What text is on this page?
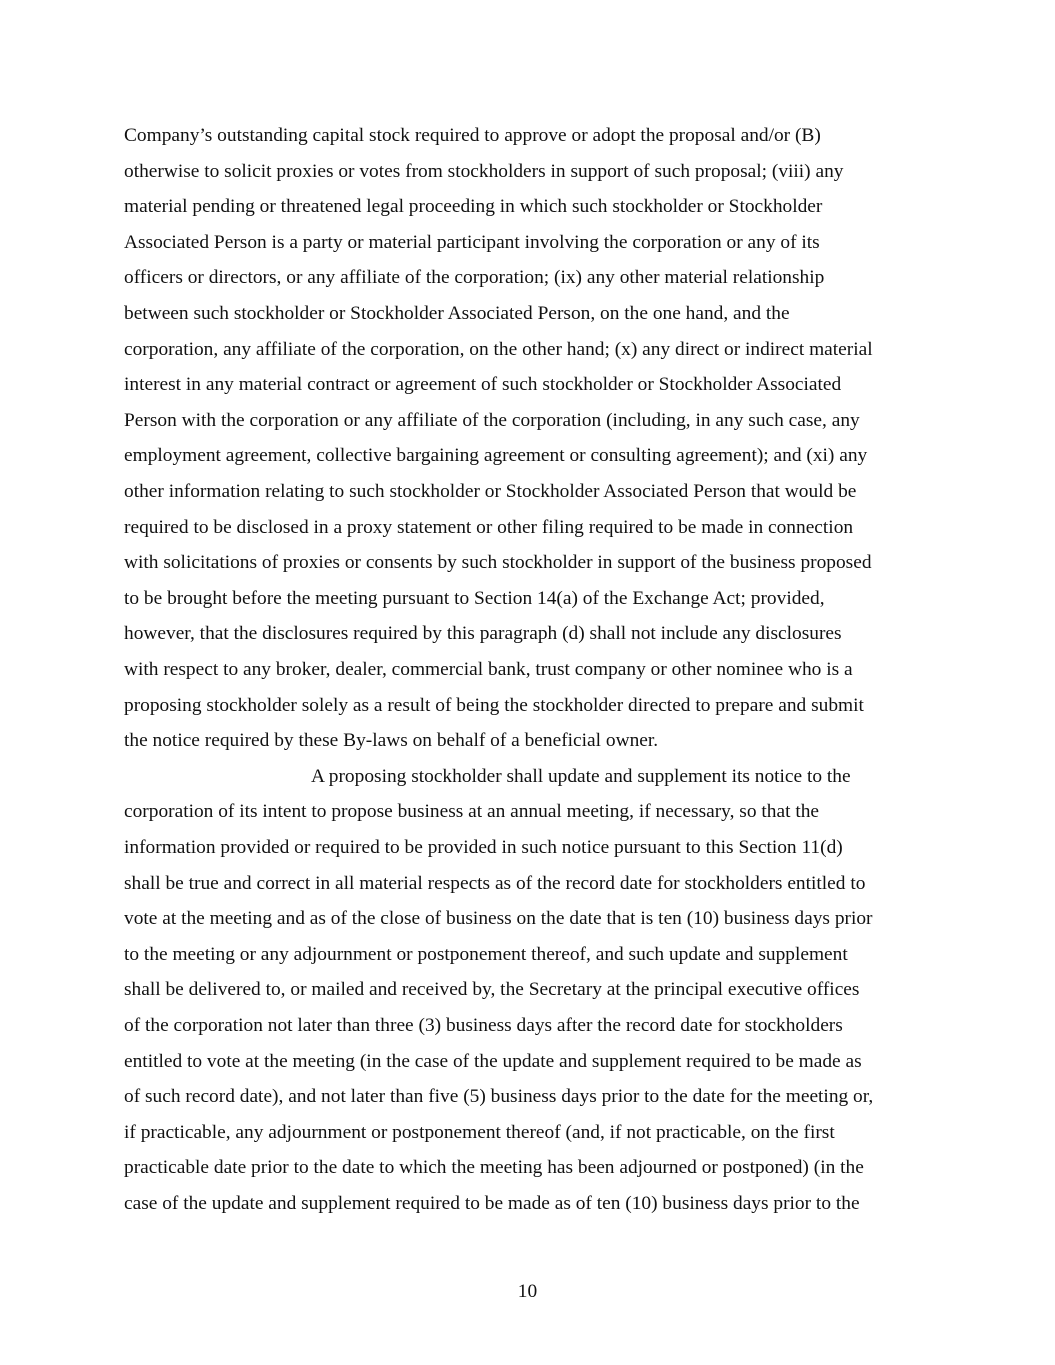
Company’s outstanding capital stock required to approve or adopt the proposal and/or (B)
otherwise to solicit proxies or votes from stockholders in support of such proposal; (viii) any
material pending or threatened legal proceeding in which such stockholder or Stockholder
Associated Person is a party or material participant involving the corporation or any of its
officers or directors, or any affiliate of the corporation; (ix) any other material relationship
between such stockholder or Stockholder Associated Person, on the one hand, and the
corporation, any affiliate of the corporation, on the other hand; (x) any direct or indirect material
interest in any material contract or agreement of such stockholder or Stockholder Associated
Person with the corporation or any affiliate of the corporation (including, in any such case, any
employment agreement, collective bargaining agreement or consulting agreement); and (xi) any
other information relating to such stockholder or Stockholder Associated Person that would be
required to be disclosed in a proxy statement or other filing required to be made in connection
with solicitations of proxies or consents by such stockholder in support of the business proposed
to be brought before the meeting pursuant to Section 14(a) of the Exchange Act; provided,
however, that the disclosures required by this paragraph (d) shall not include any disclosures
with respect to any broker, dealer, commercial bank, trust company or other nominee who is a
proposing stockholder solely as a result of being the stockholder directed to prepare and submit
the notice required by these By-laws on behalf of a beneficial owner.
A proposing stockholder shall update and supplement its notice to the
corporation of its intent to propose business at an annual meeting, if necessary, so that the
information provided or required to be provided in such notice pursuant to this Section 11(d)
shall be true and correct in all material respects as of the record date for stockholders entitled to
vote at the meeting and as of the close of business on the date that is ten (10) business days prior
to the meeting or any adjournment or postponement thereof, and such update and supplement
shall be delivered to, or mailed and received by, the Secretary at the principal executive offices
of the corporation not later than three (3) business days after the record date for stockholders
entitled to vote at the meeting (in the case of the update and supplement required to be made as
of such record date), and not later than five (5) business days prior to the date for the meeting or,
if practicable, any adjournment or postponement thereof (and, if not practicable, on the first
practicable date prior to the date to which the meeting has been adjourned or postponed) (in the
case of the update and supplement required to be made as of ten (10) business days prior to the
10
